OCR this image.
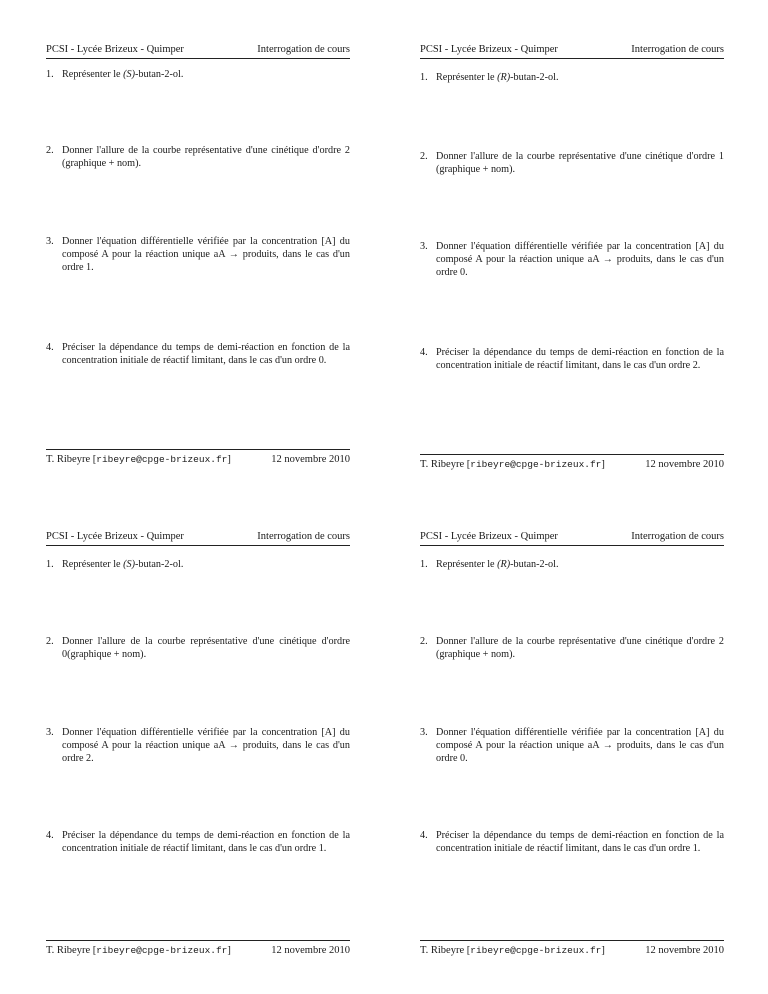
PCSI - Lycée Brizeux - Quimper	Interrogation de cours
1. Représenter le (S)-butan-2-ol.
2. Donner l'allure de la courbe représentative d'une cinétique d'ordre 2 (graphique + nom).
3. Donner l'équation différentielle vérifiée par la concentration [A] du composé A pour la réaction unique aA → produits, dans le cas d'un ordre 1.
4. Préciser la dépendance du temps de demi-réaction en fonction de la concentration initiale de réactif limitant, dans le cas d'un ordre 0.
T. Ribeyre [ribeyre@cpge-brizeux.fr]	12 novembre 2010
PCSI - Lycée Brizeux - Quimper	Interrogation de cours
1. Représenter le (R)-butan-2-ol.
2. Donner l'allure de la courbe représentative d'une cinétique d'ordre 1 (graphique + nom).
3. Donner l'équation différentielle vérifiée par la concentration [A] du composé A pour la réaction unique aA → produits, dans le cas d'un ordre 0.
4. Préciser la dépendance du temps de demi-réaction en fonction de la concentration initiale de réactif limitant, dans le cas d'un ordre 2.
T. Ribeyre [ribeyre@cpge-brizeux.fr]	12 novembre 2010
PCSI - Lycée Brizeux - Quimper	Interrogation de cours
1. Représenter le (S)-butan-2-ol.
2. Donner l'allure de la courbe représentative d'une cinétique d'ordre 0(graphique + nom).
3. Donner l'équation différentielle vérifiée par la concentration [A] du composé A pour la réaction unique aA → produits, dans le cas d'un ordre 2.
4. Préciser la dépendance du temps de demi-réaction en fonction de la concentration initiale de réactif limitant, dans le cas d'un ordre 1.
T. Ribeyre [ribeyre@cpge-brizeux.fr]	12 novembre 2010
PCSI - Lycée Brizeux - Quimper	Interrogation de cours
1. Représenter le (R)-butan-2-ol.
2. Donner l'allure de la courbe représentative d'une cinétique d'ordre 2 (graphique + nom).
3. Donner l'équation différentielle vérifiée par la concentration [A] du composé A pour la réaction unique aA → produits, dans le cas d'un ordre 0.
4. Préciser la dépendance du temps de demi-réaction en fonction de la concentration initiale de réactif limitant, dans le cas d'un ordre 1.
T. Ribeyre [ribeyre@cpge-brizeux.fr]	12 novembre 2010
